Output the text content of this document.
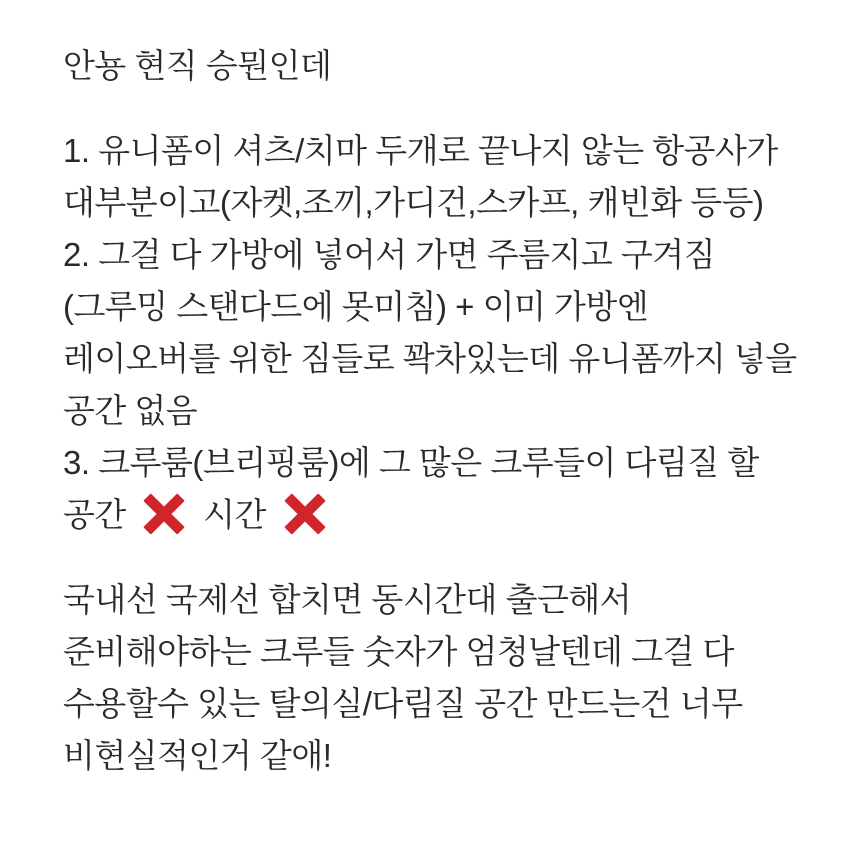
안뇽 현직 승뭔인데
1. 유니폼이 셔츠/치마 두개로 끝나지 않는 항공사가
대부분이고(자켓,조끼,가디건,스카프, 캐빈화 등등)
2. 그걸 다 가방에 넣어서 가면 주름지고 구겨짐
(그루밍 스탠다드에 못미침) + 이미 가방엔
레이오버를 위한 짐들로 꽉차있는데 유니폼까지 넣을
공간 없음
3. 크루룸(브리핑룸)에 그 많은 크루들이 다림질 할
공간 시간
국내선 국제선 합치면 동시간대 출근해서
준비해야하는 크루들 숫자가 엄청날텐데 그걸 다
수용할수 있는 탈의실/다림질 공간 만드는건 너무
비현실적인거 같애!
